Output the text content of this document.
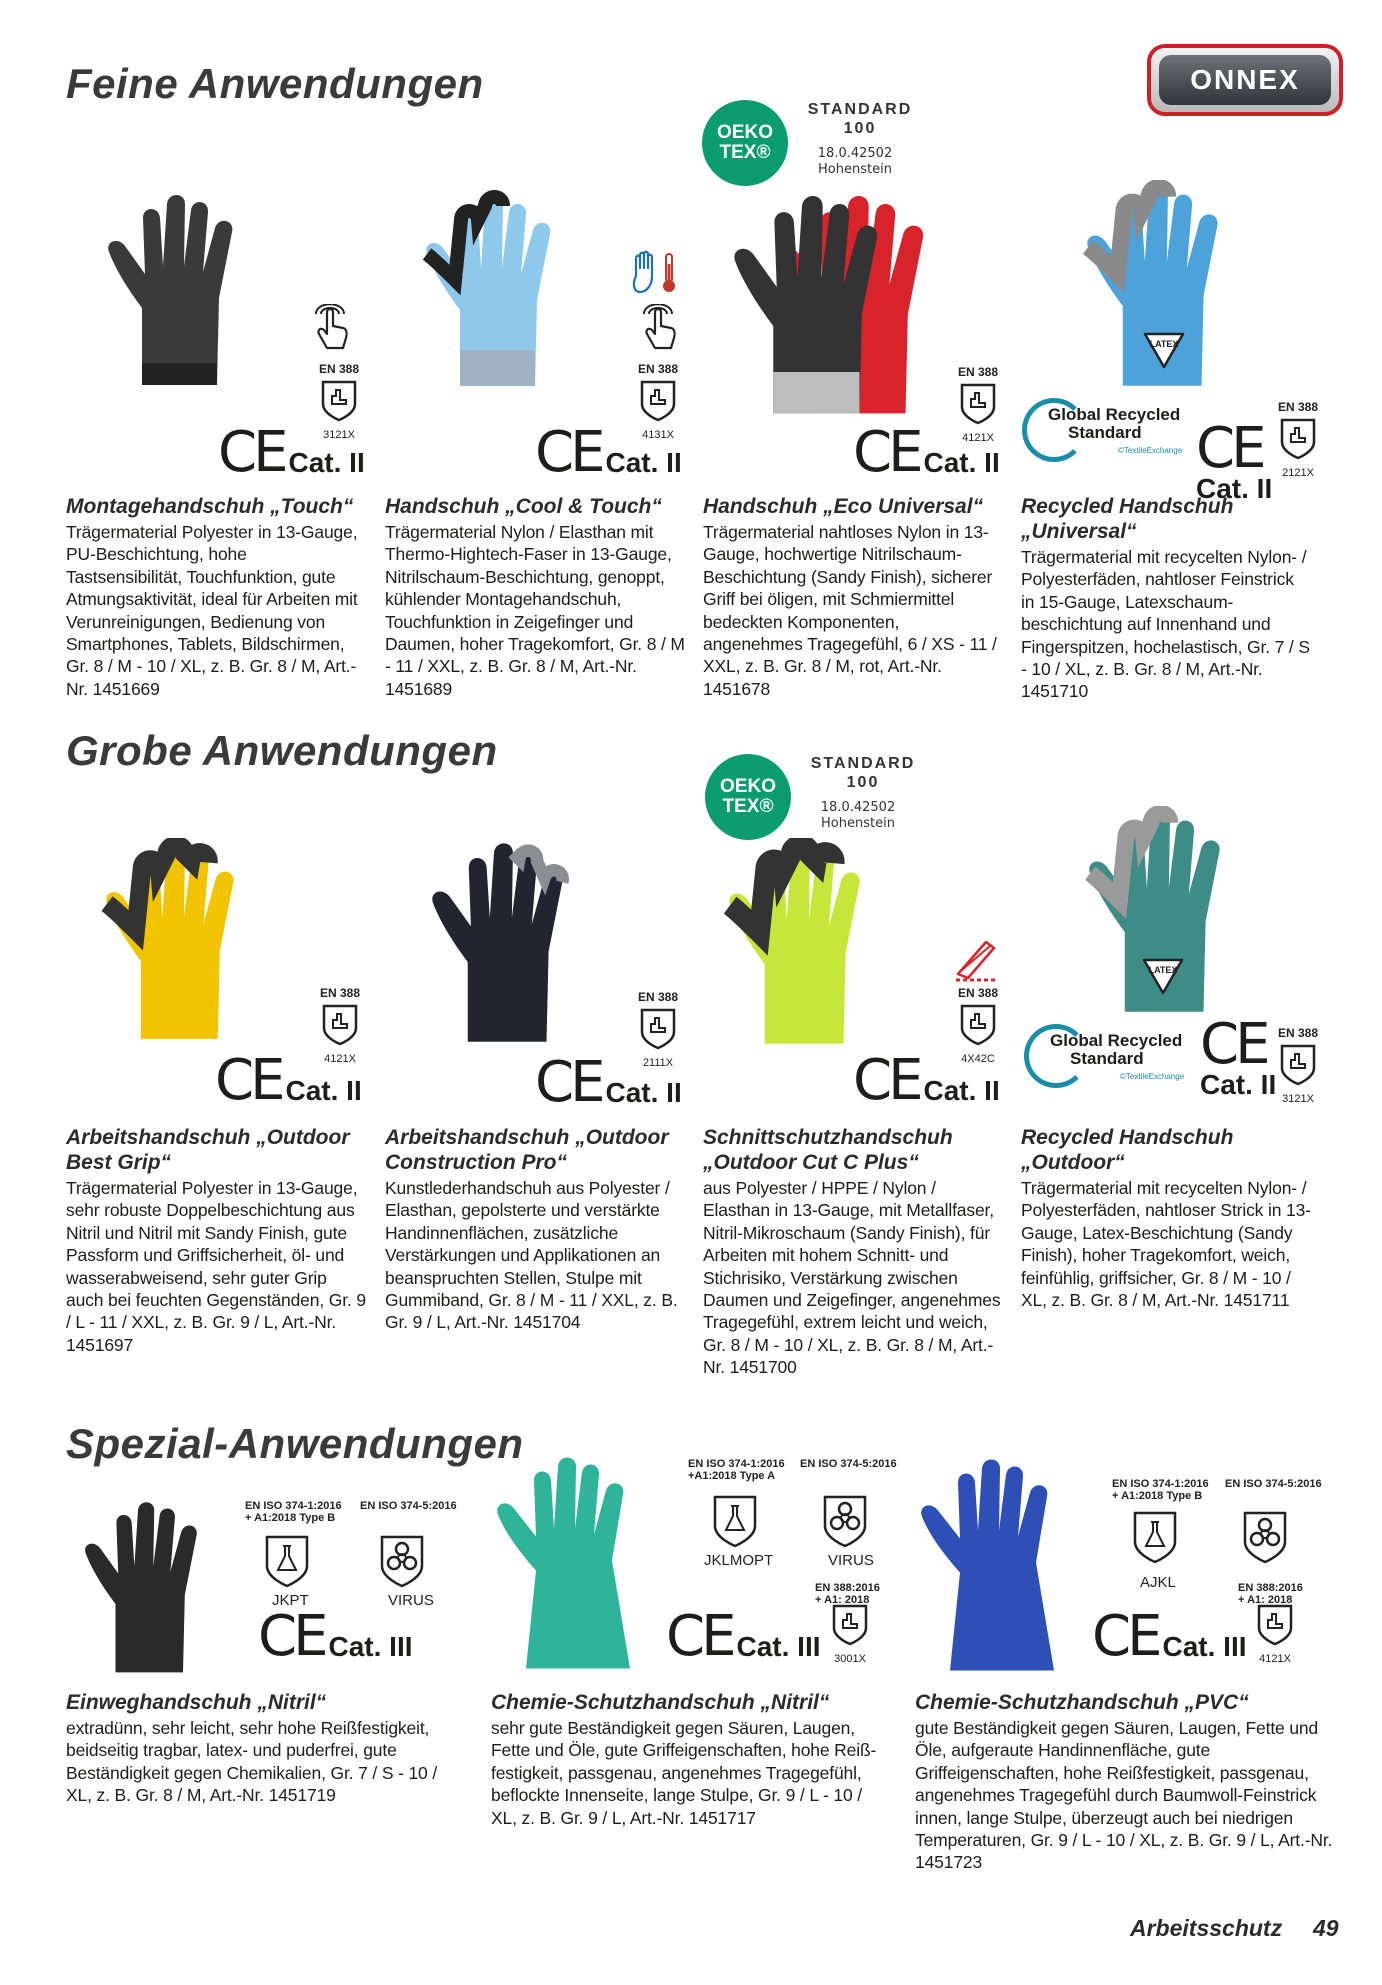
ONNEX
Feine Anwendungen
OEKO
TEX®
STANDARD
100
18.0.42502
Hohenstein
EN 388
3121X
EN 388
4131X
EN 388
4121X
EN 388
2121X
CE Cat. II	CE Cat. II	CE Cat. II	CE
Cat. II
Global Recycled
Standard
©TextileExchange
Montagehandschuh „Touch“
Trägermaterial Polyester in 13-Gauge, PU-Beschichtung, hohe Tastsensibilität, Touchfunktion, gute Atmungsaktivität, ideal für Arbeiten mit Verunreinigungen, Bedienung von Smartphones, Tablets, Bildschirmen, Gr. 8 / M - 10 / XL, z. B. Gr. 8 / M, Art.-Nr. 1451669
Handschuh „Cool & Touch“
Trägermaterial Nylon / Elasthan mit Thermo-Hightech-Faser in 13-Gauge, Nitrilschaum-Beschichtung, genoppt, kühlender Montagehandschuh, Touchfunktion in Zeigefinger und Daumen, hoher Tragekomfort, Gr. 8 / M - 11 / XXL, z. B. Gr. 8 / M, Art.-Nr. 1451689
Handschuh „Eco Universal“
Trägermaterial nahtloses Nylon in 13-Gauge, hochwertige Nitrilschaum-Beschichtung (Sandy Finish), sicherer Griff bei öligen, mit Schmiermittel bedeckten Komponenten, angenehmes Tragegefühl, 6 / XS - 11 / XXL, z. B. Gr. 8 / M, rot, Art.-Nr. 1451678
Recycled Handschuh „Universal“
Trägermaterial mit recycelten Nylon- / Polyesterfäden, nahtloser Feinstrick in 15-Gauge, Latexschaum-beschichtung auf Innenhand und Fingerspitzen, hochelastisch, Gr. 7 / S - 10 / XL, z. B. Gr. 8 / M, Art.-Nr. 1451710
Grobe Anwendungen
OEKO
TEX®
STANDARD
100
18.0.42502
Hohenstein
EN 388
4121X
EN 388
2111X
EN 388
4X42C
EN 388
3121X
CE Cat. II	CE Cat. II	CE Cat. II
CE
Cat. II
Global Recycled
Standard
©TextileExchange
Arbeitshandschuh „Outdoor Best Grip“
Trägermaterial Polyester in 13-Gauge, sehr robuste Doppelbeschichtung aus Nitril und Nitril mit Sandy Finish, gute Passform und Griffsicherheit, öl- und wasserabweisend, sehr guter Grip auch bei feuchten Gegenständen, Gr. 9 / L - 11 / XXL, z. B. Gr. 9 / L, Art.-Nr. 1451697
Arbeitshandschuh „Outdoor Construction Pro“
Kunstlederhandschuh aus Polyester / Elasthan, gepolsterte und verstärkte Handinnenflächen, zusätzliche Verstärkungen und Applikationen an beanspruchten Stellen, Stulpe mit Gummiband, Gr. 8 / M - 11 / XXL, z. B. Gr. 9 / L, Art.-Nr. 1451704
Schnittschutzhandschuh „Outdoor Cut C Plus“
aus Polyester / HPPE / Nylon / Elasthan in 13-Gauge, mit Metallfaser, Nitril-Mikroschaum (Sandy Finish), für Arbeiten mit hohem Schnitt- und Stichrisiko, Verstärkung zwischen Daumen und Zeigefinger, angenehmes Tragegefühl, extrem leicht und weich, Gr. 8 / M - 10 / XL, z. B. Gr. 8 / M, Art.-Nr. 1451700
Recycled Handschuh „Outdoor“
Trägermaterial mit recycelten Nylon- / Polyesterfäden, nahtloser Strick in 13-Gauge, Latex-Beschichtung (Sandy Finish), hoher Tragekomfort, weich, feinfühlig, griffsicher, Gr. 8 / M - 10 / XL, z. B. Gr. 8 / M, Art.-Nr. 1451711
Spezial-Anwendungen
EN ISO 374-1:2016
+ A1:2018 Type B
EN ISO 374-5:2016
JKPT	VIRUS
CE Cat. III
EN ISO 374-1:2016
+A1:2018 Type A
EN ISO 374-5:2016
JKLMOPT	VIRUS
EN 388:2016
+ A1: 2018
3001X
CE Cat. III
EN ISO 374-1:2016
+ A1:2018 Type B
EN ISO 374-5:2016
AJKL	EN 388:2016
+ A1: 2018
4121X
CE Cat. III
Einweghandschuh „Nitril“
extradünn, sehr leicht, sehr hohe Reißfestigkeit, beidseitig tragbar, latex- und puderfrei, gute Beständigkeit gegen Chemikalien, Gr. 7 / S - 10 / XL, z. B. Gr. 8 / M, Art.-Nr. 1451719
Chemie-Schutzhandschuh „Nitril“
sehr gute Beständigkeit gegen Säuren, Laugen, Fette und Öle, gute Griffeigenschaften, hohe Reiß-festigkeit, passgenau, angenehmes Tragegefühl, beflockte Innenseite, lange Stulpe, Gr. 9 / L - 10 / XL, z. B. Gr. 9 / L, Art.-Nr. 1451717
Chemie-Schutzhandschuh „PVC“
gute Beständigkeit gegen Säuren, Laugen, Fette und Öle, aufgeraute Handinnenfläche, gute Griffeigenschaften, hohe Reißfestigkeit, passgenau, angenehmes Tragegefühl durch Baumwoll-Feinstrick innen, lange Stulpe, überzeugt auch bei niedrigen Temperaturen, Gr. 9 / L - 10 / XL, z. B. Gr. 9 / L, Art.-Nr. 1451723
Arbeitsschutz 49
